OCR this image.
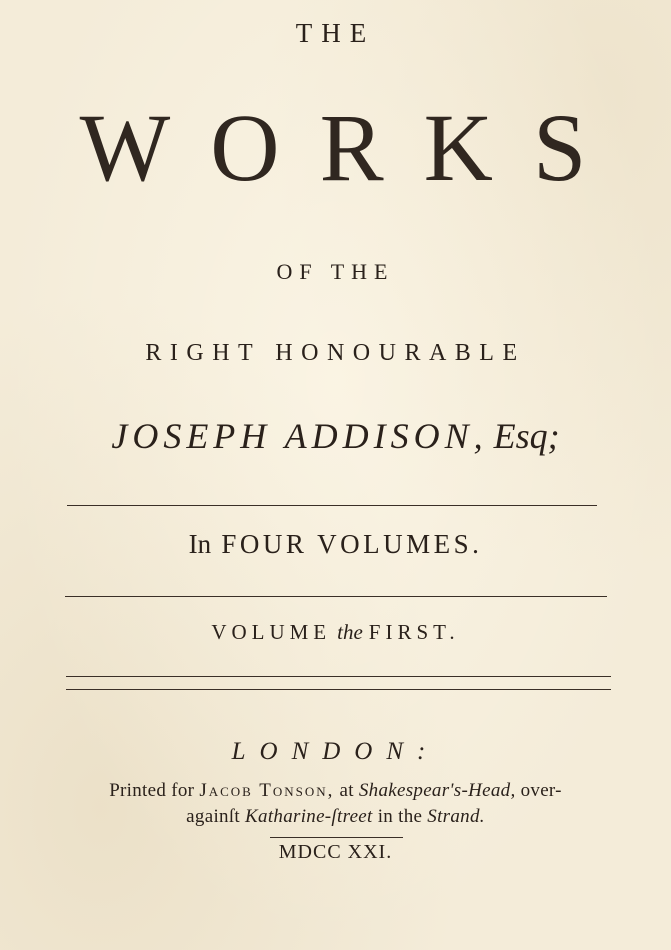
THE
WORKS
OF THE
RIGHT HONOURABLE
JOSEPH ADDISON, Esq;
In FOUR VOLUMES.
VOLUME the FIRST.
LONDON:
Printed for Jacob Tonson, at Shakespear's-Head, over-
againſt Katharine-ſtreet in the Strand.
MDCC XXI.
